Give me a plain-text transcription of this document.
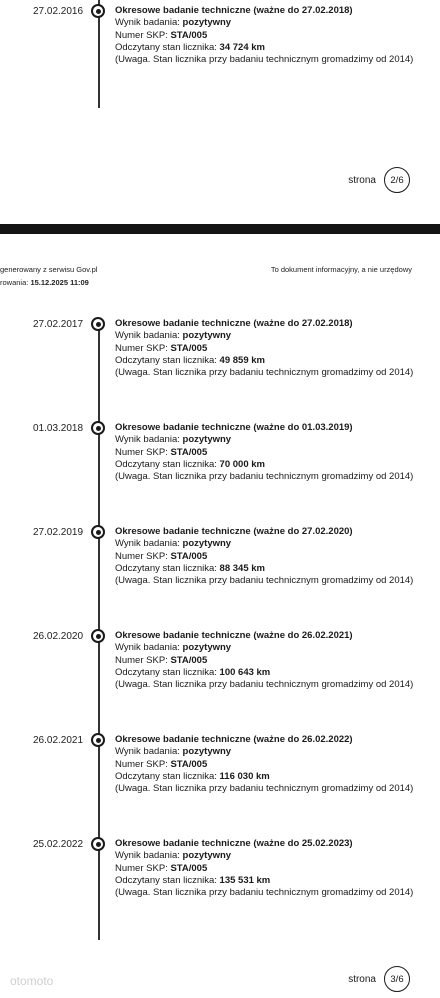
27.02.2016	Okresowe badanie techniczne (ważne do 27.02.2018)
Wynik badania: pozytywny
Numer SKP: STA/005
Odczytany stan licznika: 34 724 km
(Uwaga. Stan licznika przy badaniu technicznym gromadzimy od 2014)
strona	2/6
generowany z serwisu Gov.pl
rowania: 15.12.2025 11:09
To dokument informacyjny, a nie urzędowy
27.02.2017	Okresowe badanie techniczne (ważne do 27.02.2018)
Wynik badania: pozytywny
Numer SKP: STA/005
Odczytany stan licznika: 49 859 km
(Uwaga. Stan licznika przy badaniu technicznym gromadzimy od 2014)
01.03.2018	Okresowe badanie techniczne (ważne do 01.03.2019)
Wynik badania: pozytywny
Numer SKP: STA/005
Odczytany stan licznika: 70 000 km
(Uwaga. Stan licznika przy badaniu technicznym gromadzimy od 2014)
27.02.2019	Okresowe badanie techniczne (ważne do 27.02.2020)
Wynik badania: pozytywny
Numer SKP: STA/005
Odczytany stan licznika: 88 345 km
(Uwaga. Stan licznika przy badaniu technicznym gromadzimy od 2014)
26.02.2020	Okresowe badanie techniczne (ważne do 26.02.2021)
Wynik badania: pozytywny
Numer SKP: STA/005
Odczytany stan licznika: 100 643 km
(Uwaga. Stan licznika przy badaniu technicznym gromadzimy od 2014)
26.02.2021	Okresowe badanie techniczne (ważne do 26.02.2022)
Wynik badania: pozytywny
Numer SKP: STA/005
Odczytany stan licznika: 116 030 km
(Uwaga. Stan licznika przy badaniu technicznym gromadzimy od 2014)
25.02.2022	Okresowe badanie techniczne (ważne do 25.02.2023)
Wynik badania: pozytywny
Numer SKP: STA/005
Odczytany stan licznika: 135 531 km
(Uwaga. Stan licznika przy badaniu technicznym gromadzimy od 2014)
strona	3/6
otomoto
